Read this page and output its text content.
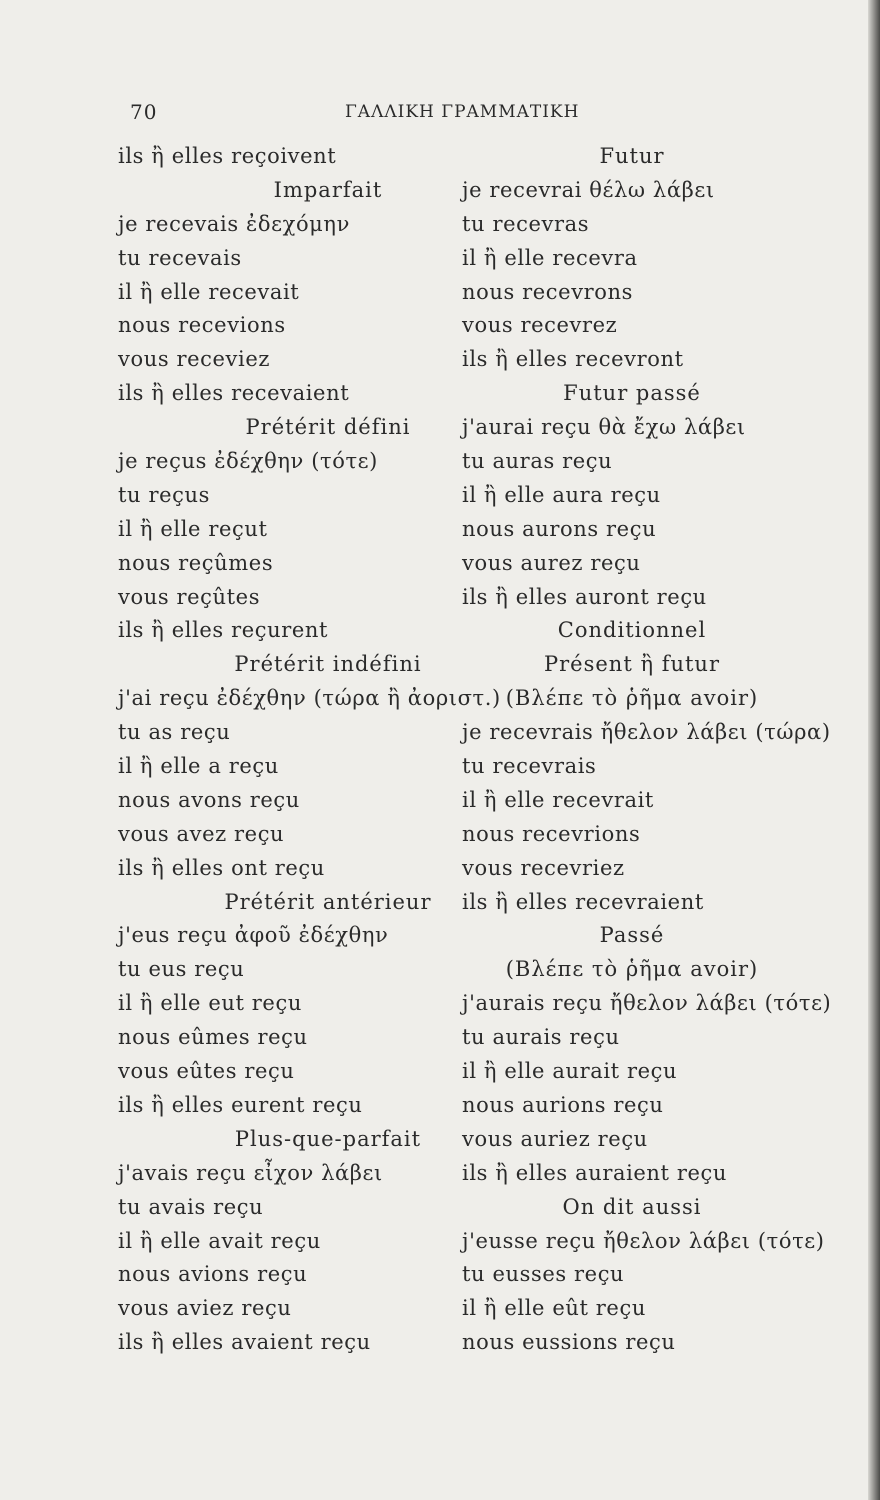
70	ΓΑΛΛΙΚΗ ΓΡΑΜΜΑΤΙΚΗ
ils ἢ elles reçoivent
Imparfait
je recevais ἐδεχόμην
tu recevais
il ἢ elle recevait
nous recevions
vous receviez
ils ἢ elles recevaient
Prétérit défini
je reçus ἐδέχθην (τότε)
tu reçus
il ἢ elle reçut
nous reçûmes
vous reçûtes
ils ἢ elles reçurent
Prétérit indéfini
j'ai reçu ἐδέχθην (τώρα ἢ ἀοριστ.)
tu as reçu
il ἢ elle a reçu
nous avons reçu
vous avez reçu
ils ἢ elles ont reçu
Prétérit antérieur
j'eus reçu ἀφοῦ ἐδέχθην
tu eus reçu
il ἢ elle eut reçu
nous eûmes reçu
vous eûtes reçu
ils ἢ elles eurent reçu
Plus-que-parfait
j'avais reçu εἶχον λάβει
tu avais reçu
il ἢ elle avait reçu
nous avions reçu
vous aviez reçu
ils ἢ elles avaient reçu
Futur
je recevrai θέλω λάβει
tu recevras
il ἢ elle recevra
nous recevrons
vous recevrez
ils ἢ elles recevront
Futur passé
j'aurai reçu θὰ ἔχω λάβει
tu auras reçu
il ἢ elle aura reçu
nous aurons reçu
vous aurez reçu
ils ἢ elles auront reçu
Conditionnel
Présent ἢ futur
(Βλέπε τὸ ῥῆμα avoir)
je recevrais ἤθελον λάβει (τώρα)
tu recevrais
il ἢ elle recevrait
nous recevrions
vous recevriez
ils ἢ elles recevraient
Passé
(Βλέπε τὸ ῥῆμα avoir)
j'aurais reçu ἤθελον λάβει (τότε)
tu aurais reçu
il ἢ elle aurait reçu
nous aurions reçu
vous auriez reçu
ils ἢ elles auraient reçu
On dit aussi
j'eusse reçu ἤθελον λάβει (τότε)
tu eusses reçu
il ἢ elle eût reçu
nous eussions reçu
